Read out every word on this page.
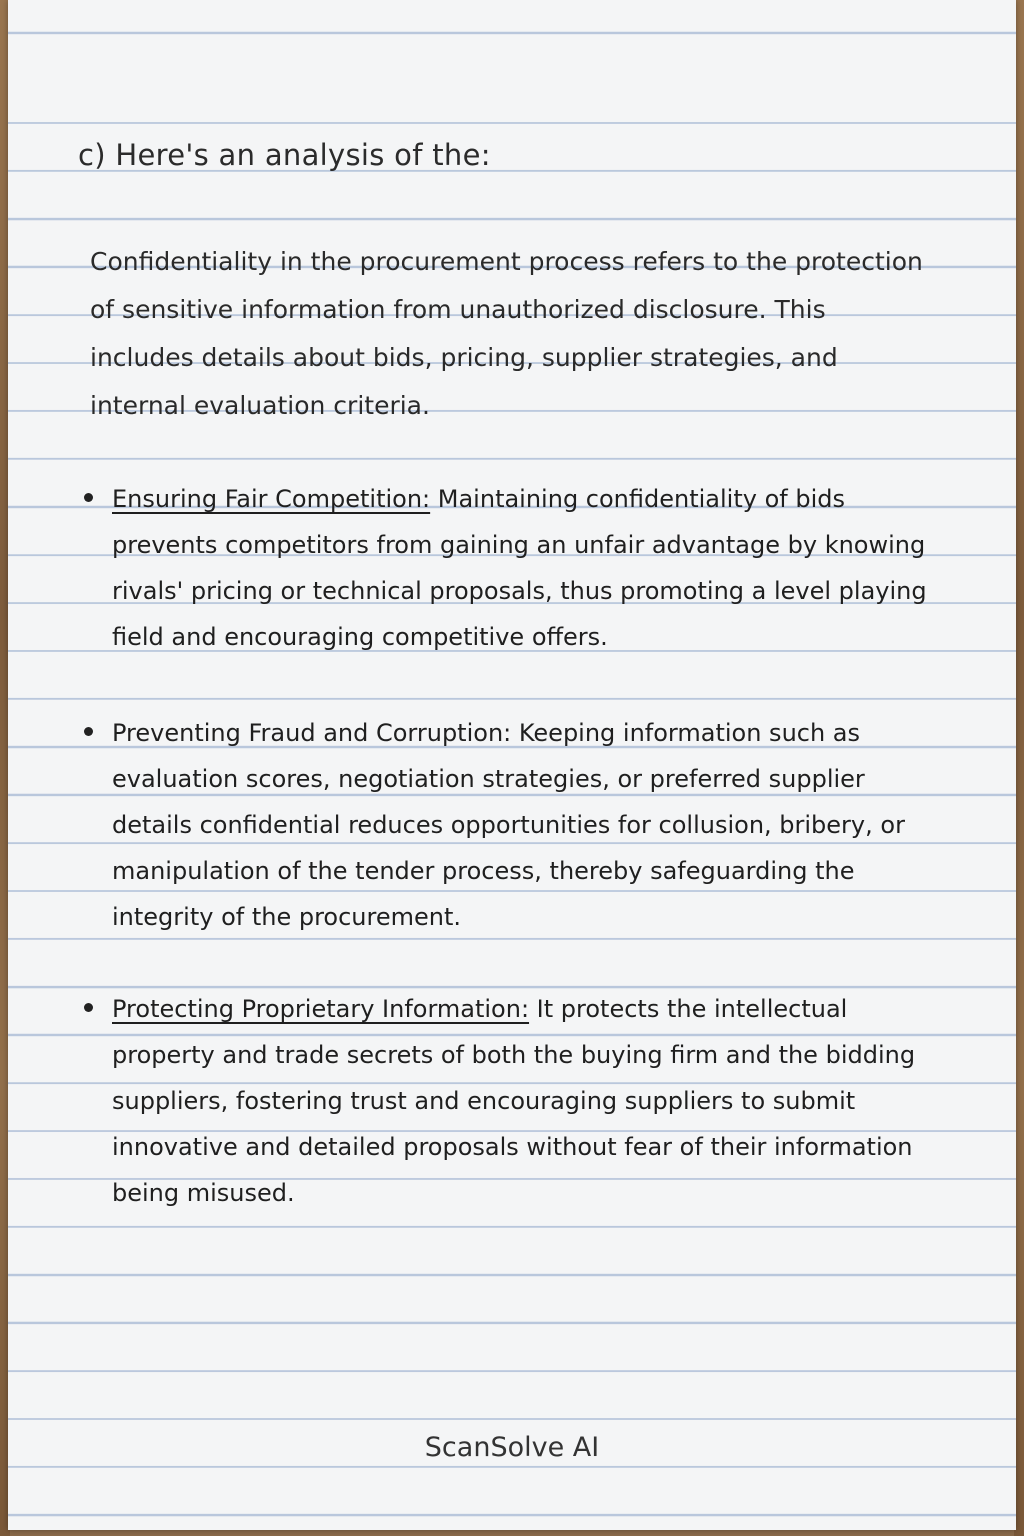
c) Here's an analysis of the:
Confidentiality in the procurement process refers to the protection of sensitive information from unauthorized disclosure. This includes details about bids, pricing, supplier strategies, and internal evaluation criteria.
Ensuring Fair Competition: Maintaining confidentiality of bids prevents competitors from gaining an unfair advantage by knowing rivals' pricing or technical proposals, thus promoting a level playing field and encouraging competitive offers.
Preventing Fraud and Corruption: Keeping information such as evaluation scores, negotiation strategies, or preferred supplier details confidential reduces opportunities for collusion, bribery, or manipulation of the tender process, thereby safeguarding the integrity of the procurement.
Protecting Proprietary Information: It protects the intellectual property and trade secrets of both the buying firm and the bidding suppliers, fostering trust and encouraging suppliers to submit innovative and detailed proposals without fear of their information being misused.
ScanSolve AI
